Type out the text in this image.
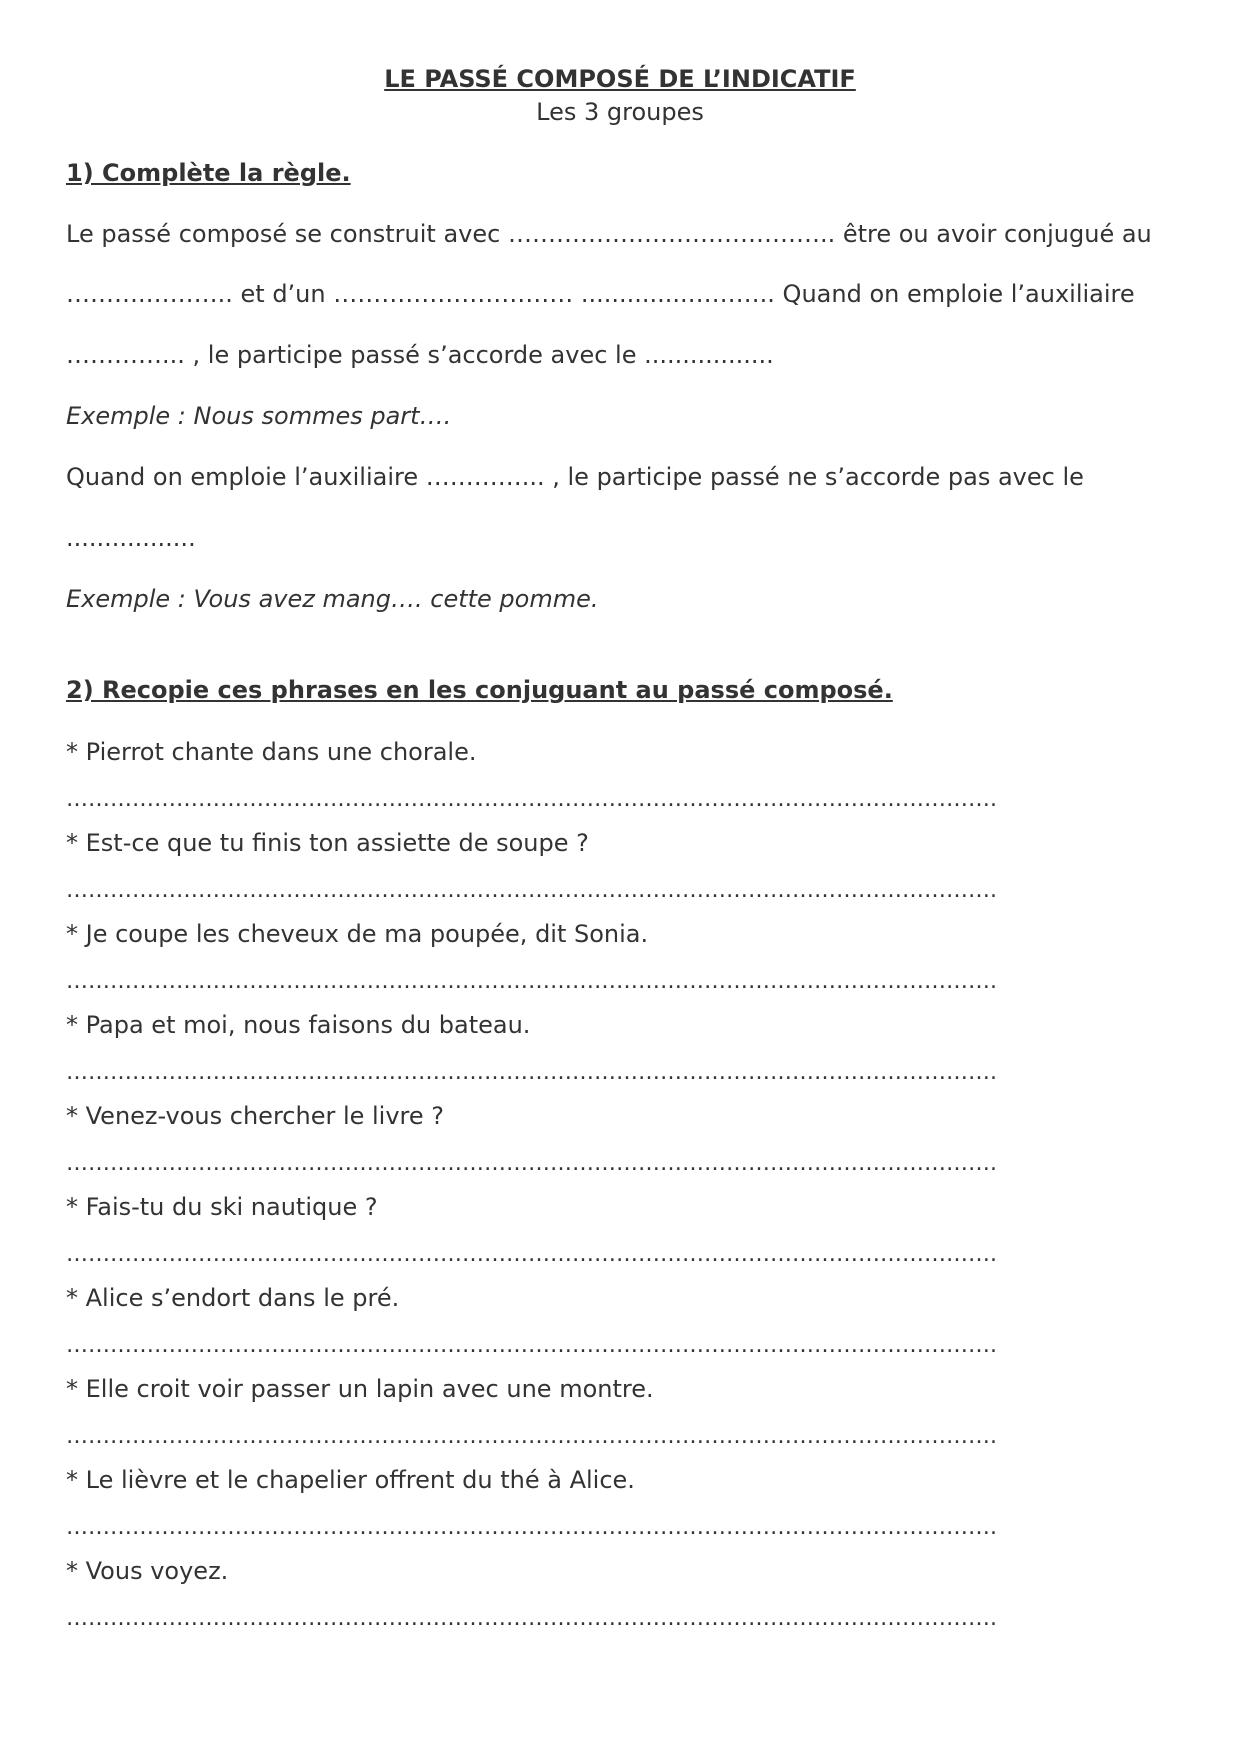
LE PASSÉ COMPOSÉ DE L’INDICATIF
Les 3 groupes
1) Complète la règle.
Le passé composé se construit avec ………………………………….. être ou avoir conjugué au
……….……….. et d’un ………………………… ..............……….. Quand on emploie l’auxiliaire
…………... , le participe passé s’accorde avec le .................
Exemple : Nous sommes part….
Quand on emploie l’auxiliaire …………... , le participe passé ne s’accorde pas avec le
.................
Exemple : Vous avez mang…. cette pomme.
2) Recopie ces phrases en les conjuguant au passé composé.
* Pierrot chante dans une chorale.
……………………………………………………………………………………………………………….
* Est-ce que tu finis ton assiette de soupe ?
……………………………………………………………………………………………………………….
* Je coupe les cheveux de ma poupée, dit Sonia.
……………………………………………………………………………………………………………….
* Papa et moi, nous faisons du bateau.
……………………………………………………………………………………………………………….
* Venez-vous chercher le livre ?
……………………………………………………………………………………………………………….
* Fais-tu du ski nautique ?
……………………………………………………………………………………………………………….
* Alice s’endort dans le pré.
……………………………………………………………………………………………………………….
* Elle croit voir passer un lapin avec une montre.
……………………………………………………………………………………………………………….
* Le lièvre et le chapelier offrent du thé à Alice.
……………………………………………………………………………………………………………….
* Vous voyez.
……………………………………………………………………………………………………………….
